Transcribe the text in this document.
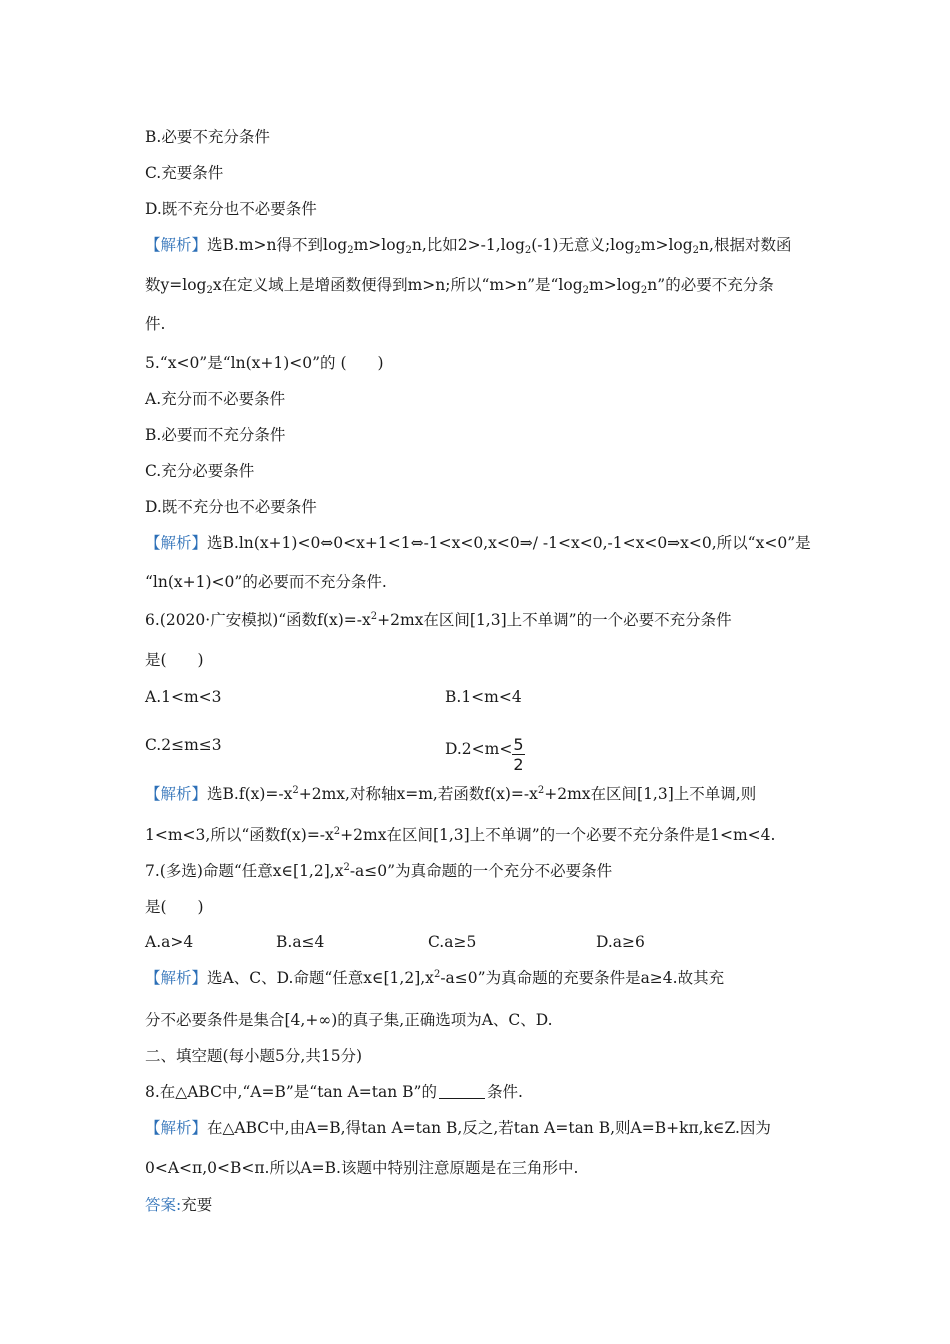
B.必要不充分条件
C.充要条件
D.既不充分也不必要条件
【解析】选B.m>n得不到$\log_2m>\log_2n$,比如$2>-1,\log_2(-1)$无意义$;\log_2m>\log_2n$,根据对数函
数$y=\log_2x$在定义域上是增函数便得到m>n;所以“m>n”是“$\log_2m>\log_2n$”的必要不充分条
件.
5.“x<0”是“ln(x+1)<0”的 (　　)
A.充分而不必要条件
B.必要而不充分条件
C.充分必要条件
D.既不充分也不必要条件
【解析】选B.ln(x+1)<0⇔0<x+1<1⇔-1<x<0,x<0⇒/ -1<x<0,-1<x<0⇒x<0,所以“x<0”是
“ln(x+1)<0”的必要而不充分条件.
6.(2020·广安模拟)“函数$f(x)=-x^2+2mx$在区间[1,3]上不单调”的一个必要不充分条件
是(　　)
A.1<m<3	B.1<m<4
C.2≤m≤3	$D.2<m< \frac{5}{2}$
【解析】选$B.f(x)=-x^2+2mx$,对称轴x=m,若函数$f(x)=-x^2+2mx$在区间[1,3]上不单调,则
1<m<3,所以“函数$f(x)=-x^2+2mx$在区间[1,3]上不单调”的一个必要不充分条件是1<m<4.
7.(多选)命题“任意$x\in[1,2],x^2-a\le 0$”为真命题的一个充分不必要条件
是(　　)
A.a>4	B.a≤4	C.a≥5	D.a≥6
【解析】选A、C、D.命题“任意$x\in[1,2],x^2-a\le 0$”为真命题的充要条件是a≥4.故其充
分不必要条件是集合[4,+∞)的真子集,正确选项为A、C、D.
二、填空题(每小题5分,共15分)
8.在△ABC中,“A=B”是“tan A=tan B”的	条件.
【解析】在△ABC中,由A=B,得tan A=tan B,反之,若tan A=tan B,则A=B+kπ,k∈Z.因为
0<A<π,0<B<π.所以A=B.该题中特别注意原题是在三角形中.
答案:充要
